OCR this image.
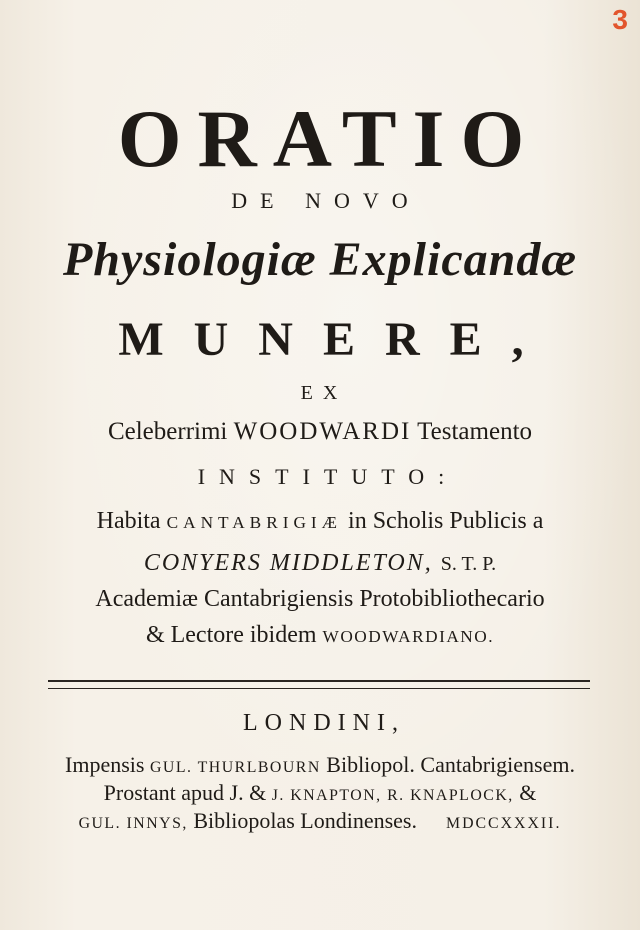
3
ORATIO
DE NOVO
Physiologiæ Explicandæ
MUNERE,
EX
Celeberrimi WOODWARDI Testamento
INSTITUTO:
Habita CANTABRIGIÆ in Scholis Publicis a
CONYERS MIDDLETON, S. T. P.
Academiæ Cantabrigiensis Protobibliothecario
& Lectore ibidem WOODWARDIANO.
LONDINI,
Impensis GUL. THURLBOURN Bibliopol. Cantabrigiensem.
Prostant apud J. & J. KNAPTON, R. KNAPLOCK, &
GUL. INNYS, Bibliopolas Londinenses. MDCCXXXII.
